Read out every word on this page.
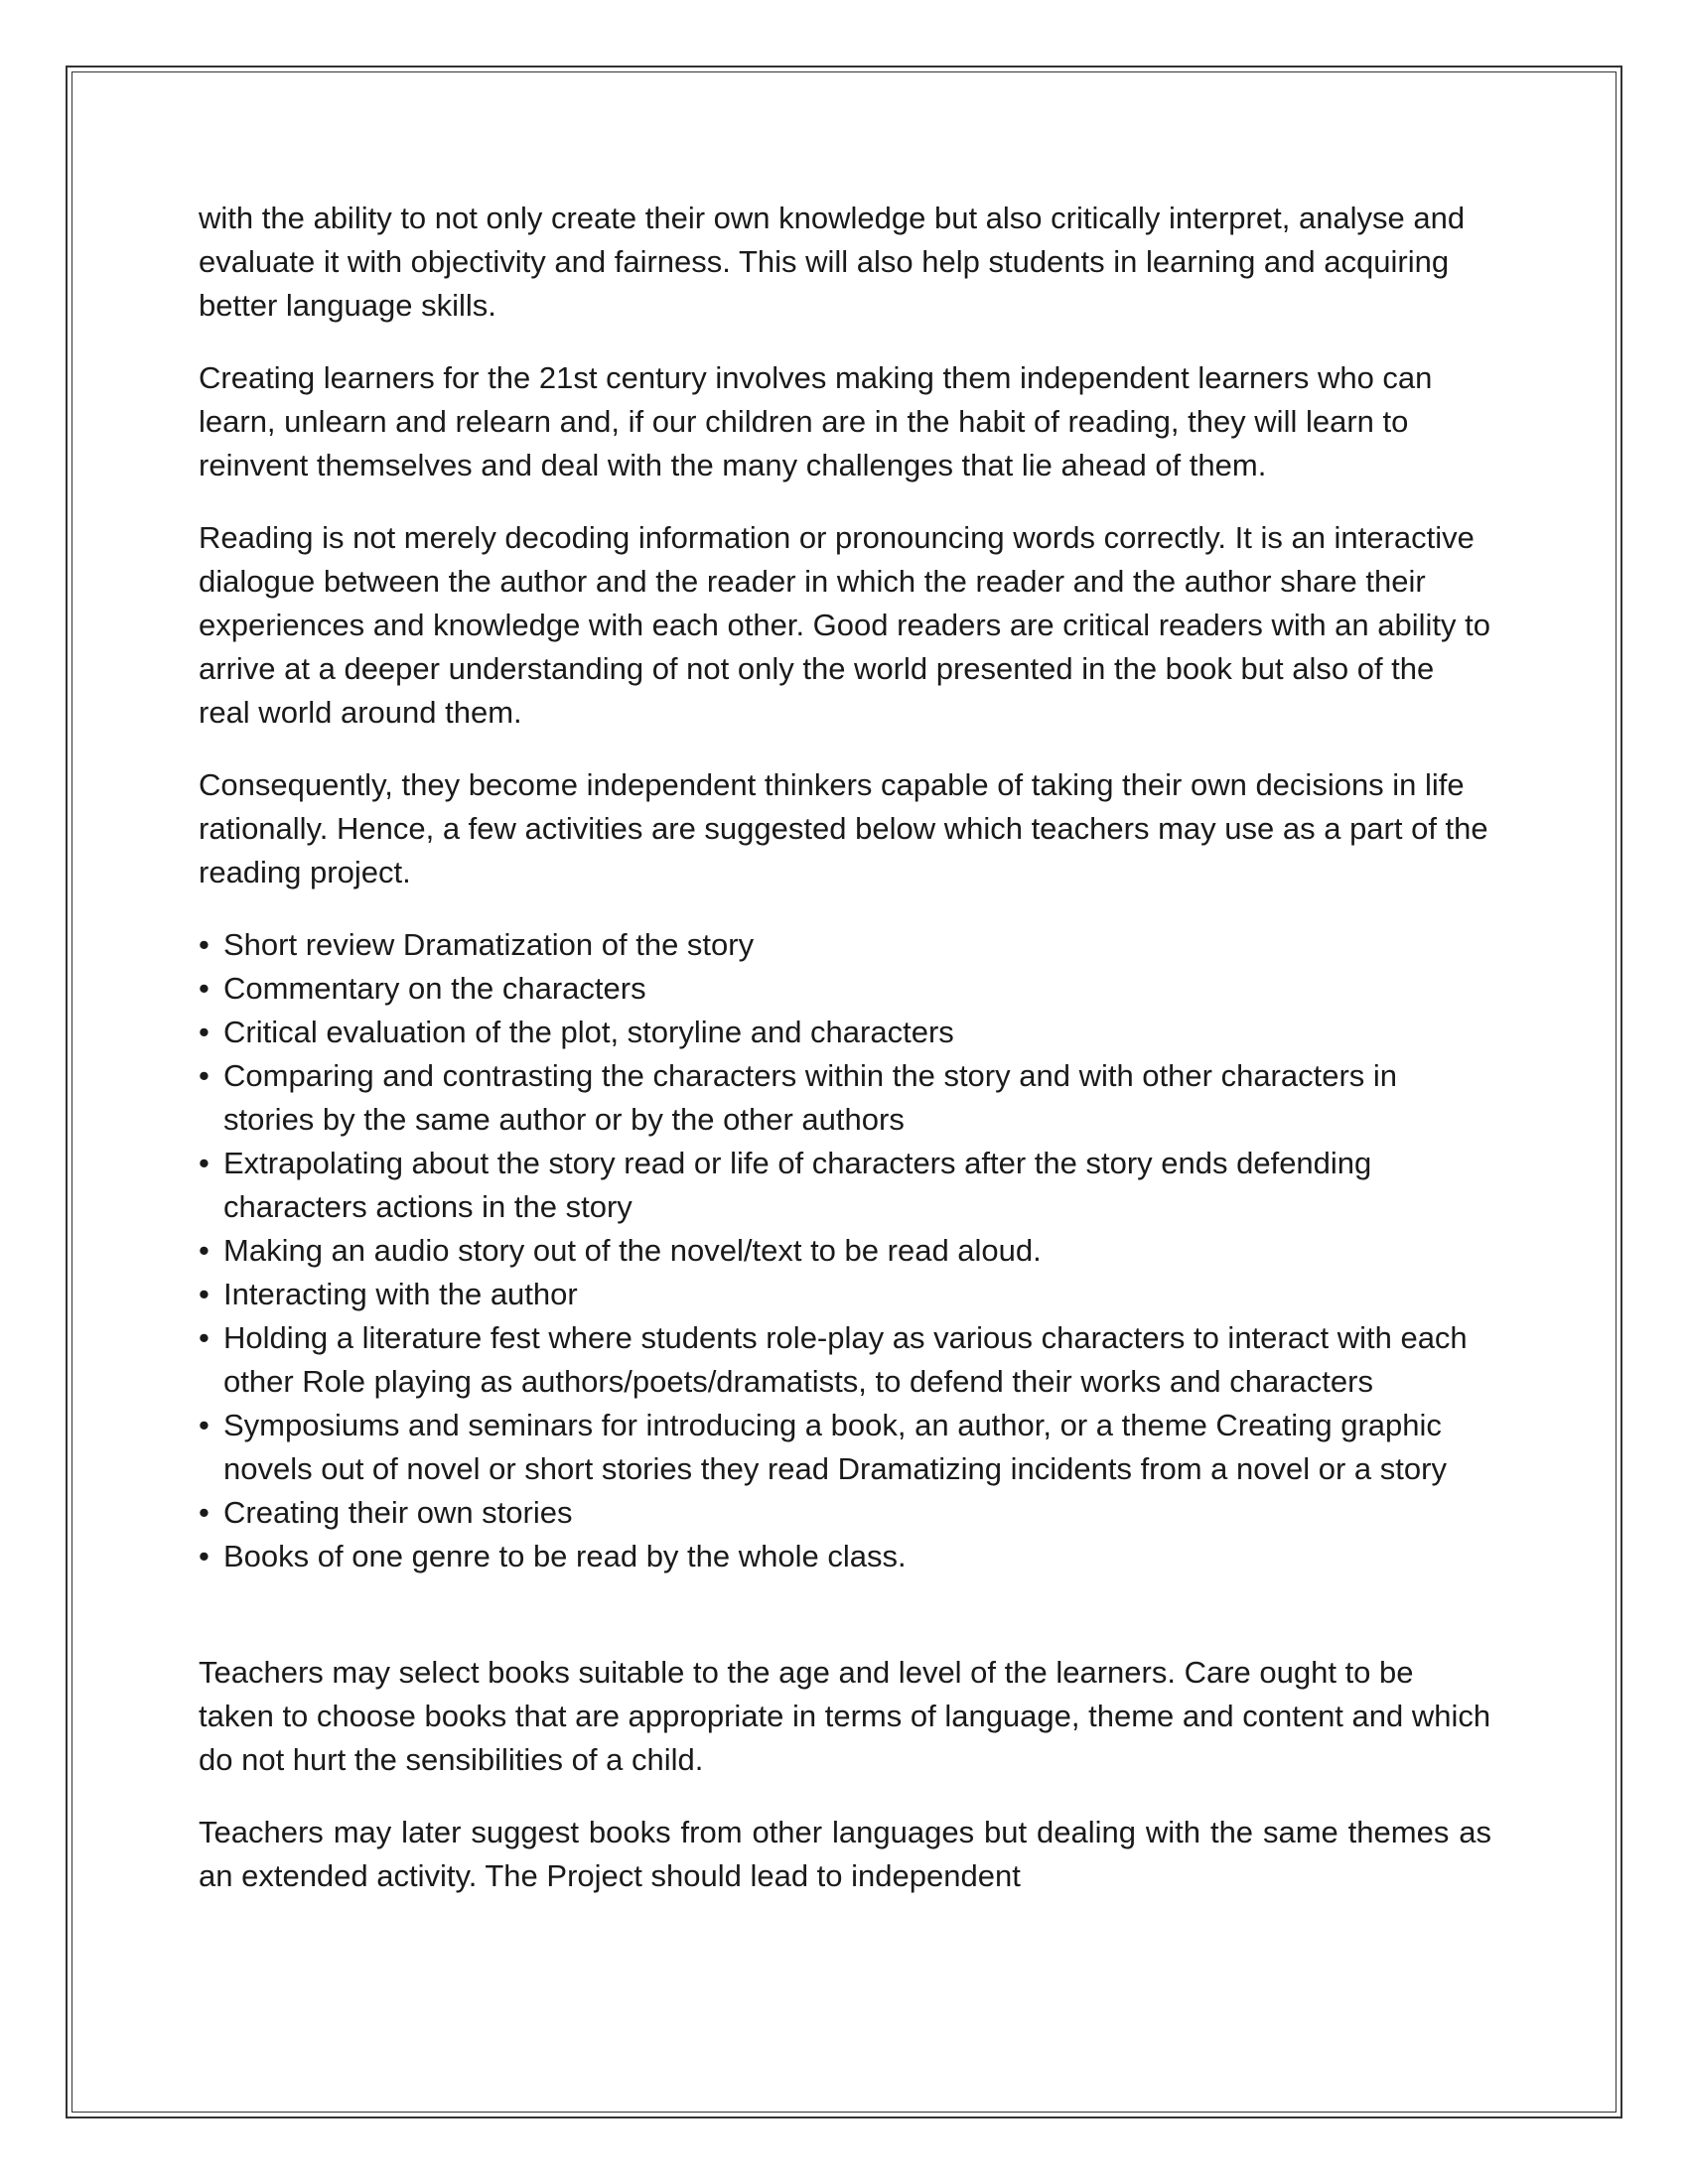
with the ability to not only create their own knowledge but also critically interpret, analyse and evaluate it with objectivity and fairness. This will also help students in learning and acquiring better language skills.

Creating learners for the 21st century involves making them independent learners who can learn, unlearn and relearn and, if our children are in the habit of reading, they will learn to reinvent themselves and deal with the many challenges that lie ahead of them.

Reading is not merely decoding information or pronouncing words correctly. It is an interactive dialogue between the author and the reader in which the reader and the author share their experiences and knowledge with each other. Good readers are critical readers with an ability to arrive at a deeper understanding of not only the world presented in the book but also of the real world around them.

Consequently, they become independent thinkers capable of taking their own decisions in life rationally. Hence, a few activities are suggested below which teachers may use as a part of the reading project.

• Short review Dramatization of the story
• Commentary on the characters
• Critical evaluation of the plot, storyline and characters
• Comparing and contrasting the characters within the story and with other characters in stories by the same author or by the other authors
• Extrapolating about the story read or life of characters after the story ends defending characters actions in the story
• Making an audio story out of the novel/text to be read aloud.
• Interacting with the author
• Holding a literature fest where students role-play as various characters to interact with each other Role playing as authors/poets/dramatists, to defend their works and characters
• Symposiums and seminars for introducing a book, an author, or a theme Creating graphic novels out of novel or short stories they read Dramatizing incidents from a novel or a story
• Creating their own stories
• Books of one genre to be read by the whole class.

Teachers may select books suitable to the age and level of the learners. Care ought to be taken to choose books that are appropriate in terms of language, theme and content and which do not hurt the sensibilities of a child.

Teachers may later suggest books from other languages but dealing with the same themes as an extended activity. The Project should lead to independent
